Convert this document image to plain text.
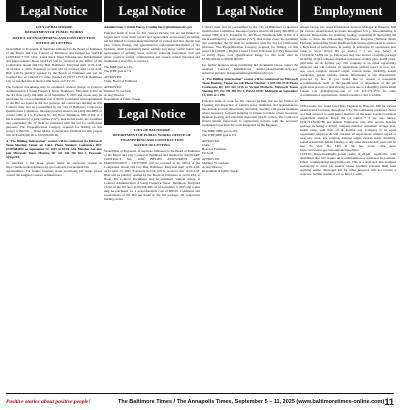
Legal Notice
CITY OF BALTIMORE
DEPARTMENT OF PUBLIC WORKS
OFFICE OF ENGINEERING AND CONSTRUCTION
NOTICE OF LETTING

Sealed Bids or Proposals, in duplicate addressed to the Board of Estimates of the Mayor and City Council of Baltimore and marked for WATER CONTRACT NO. 1452 -Canal Neck Water Infrastructure Rehabilitation and Improvements Phase III-FY25 will be received at the Office of the Comptroller, Room 204 City Hall, Baltimore, Maryland until 11:00 A.M. on October 1, 2025. Positively no bids will be received after 11:00 A.M. Bids will be publicly opened by the Board of Estimates and can be watched live on CharmTV's cable channel 25 (SITT LIVE) in Baltimore City or watched live at the live link below on ETV 25.

The Contract Documents may be examined, without charge, at Contract Administration 4 South Frederick Street, Baltimore, Maryland 21202 on the 3rd floor (410) 396-4001 as of September 5, 2025 and copies may be purchased for a non-refundable cost of $0.00. Conditions and requirements of the Bid are found in the bid package. All contractors bidding on this Contract must first be prequalified by the City of Baltimore Contractors Qualification Committee. Interested parties should call (410) 396-6883 or contact OBC at 4 S. Frederick St., 4th Floor, Baltimore, MD 21202. If a bid is submitted by a joint venture ("JV"), then in that event, the document that established the JV shall be submitted with the bid for verification purposes. The Prequalification Category required for bidding on this project is B02551 – Water Mains, Construction Estimate for this project will be $5,600,000.00 to $10,000,000.00.

A "Pre-Bidding Information" session will be conducted via Microsoft Team Meeting; Venue: on CALL Phone Number: Conference ID#: 27299884099 on September 12, 2025 at 10:00 AM. Member can also join Microsoft Team. Meeting ID: 211 346 396 964 1, Passcode: ng4qc29Z.

To purchase a bid book, please make an electronic request at https://publicworks.baltimorecity.gov/contracts-procurement/bid-opportunities/. For further inquiries about purchasing bid books please contact the assigned Contract Administrator.

Legal Notice

Administrator Cynthia Harry, Cynthia.harry@baltimorecity.gov

Principal items of work for this contract include, but are not limited to: Urgent need water main repairs and replacement as necessary including, but not limited to replacement/installation of various size new ductile iron pipe, valves, fittings, and appurtenances replacement/installation of fire hydrants, small (residential) meter settings and meter vaults; renew and replacement of existing water services; sidewalk restoration, curb and gutter, roadway paving, sedimentation and erosion control measures and maintenance of traffic, as required.

The MBE goal is 13%

The WBE goal is 7%

APPROVED:

Clerk, Board of Estimates

APPROVED:

Matthew W. Garbark

Acting Director

Department of Public Works

Legal Notice
CITY OF BALTIMORE
DEPARTMENT OF PUBLIC WORKS OFFICE OF ENGINEERING AND CONSTRUCTION
NOTICE OF LETTING

Sealed Bids or Proposals, in duplicate addressed to the Board of Estimates of the Mayor and City Council of Baltimore and marked for SANITARY CONTRACT NO. 1069 INFLOW ASSESSMENT AND MAINTENANCE - CITYWIDE will be received at the Office of the Comptroller, Room 204 City Hall, Baltimore, Maryland until 11:00 A.M. on October 15, 2025. Positively no bids will be received after 11:00 A.M. Bids will be publicly opened by the Board of Estimates at 12:00 P.M. at Noon. The Contract Documents may be examined, without charge, at Contract Administration 4 South Frederick Street, Baltimore, Maryland 21202 on the 3rd floor (410) 396-4001 as of September 5, 2025 and copies may be purchased for a non-refundable cost of $00.00. Conditions and requirements of the Bid are found in the bid package. All contractors bidding on this

Legal Notice

Contract must first be prequalified by the City of Baltimore Contractors Qualification Committee. Interested parties should call (410) 396-6883 or contact OBC at 4 S. Frederick St., 4th Floor, Baltimore, MD 21202. If a bid is submitted by a joint venture ("JV"), then in that event, the document that established the JV shall be submitted with the bid for verification purposes. The Prequalification Category required for bidding on this project is C09106 – Digital Closed Circuit Television (CCTV) Inspection of Utility Pipes, Cost Qualification Range for this work shall be $7,000,000.00 to $8,000,000.00.

For further inquiries about purchasing bid documents please contact the assigned Contract Administrator Amber.yates@baltimorecity.gov. Attention and Ayo: bidopportunities@baltimorecity.gov.

A "Pre-Bidding Information" session will be conducted via Microsoft Team Meeting; Venue: on call Phone Number: 1 667-228-4718 Phone Conference ID: 634 420 1218 or Virtual Platform, Microsoft Teams Meeting ID: 254 709 458 072 2, PASSCODE: 6ddt6yHs on September 11, 2025 at 1 PM.

Principal items of work for this contract include, but are not limited to: Cleaning and inspection of sanitary sewer manholes, and appurtenances, that include acoustic inspections, televising, cleaning with grease treatment where necessary, frequent pumping at various locations where necessary, manhole locating and television inspection (QASC review. The Contractor should submit inspections to engineering reviews with the necessary equipment to perform the work designated by the Engineer.

The MBE/ MBE goal is 9%

The WBE/DBE goal is 6%

APPROVED:

Clerk,

Board of Estimates

Pat Gold

APPROVED:

Matthew W. Garbark

Acting Director

Department of Public Works

Employment

Allegis Group, Inc. seeks Information Services Manager in Hanover, MD (& various unanticipated locations throughout U.S.). Telecommuting is allowed. Responsible for planning, leading, organizing & motivating the teams to drive the Onboarding Experience Programs (Sullivan Talent Platform, Onboarding Talent Dashboard) & related applications to achieve a high level of performance & quality in delivering IT operational best value to users. Req'd: BS (or equiv.) + 5 yrs. exp. Salary: $ 172,040-$174,800 per yr. Employees may also receive a benefits package including 401(k) company-matched retirement savings plan, health plans, paid time off & holiday pay. The company is an equal opportunity employer and will consider all applications without regard to race, sex, age, color, religion, national origin, veteran status, disability, sexual orientation, gender identity, genetic information or any characteristic protected by law. If you would like to request a reasonable accommodation, such as the modification or adjustment of the job application process or interviewing process due to a disability, please email Lauren Lau @allegisgroup.com or call 410-579-3570 for other accommodation requirements. Submit resume to: Ref # 1-5206.

TEKsystems, Inc. seeks Lead Data Engineer in Hanover, MD (& various unanticipated locations throughout US). Telecommuting permitted. Serve as a lead resource to assist junior members of the team. Conduct technical requirement analysis. Req'd: BS (or equiv.) + 5 yrs. exp. Salary: $159,744-$159,780 per annum. Employees may also receive benefits package including a 401(k) company-matched retirement savings plan, health plans, paid time off & holiday pay. Company is an equal opportunity employer & will consider all applications without regard to race, sex, color, age, religion, national origin, veteran status, disability, sexual orientation, gender identity, or any other characteristic protected by law. To view the EEO is the law poster click here: https://www.eeoc.gov/sites/default/files/2022-10/EEOC_KnowYourRights_screen_reader_10_20.pdf. Applicants with disabilities that will require an accommodation or assistance in positions. Email: corphelpdesk@teksystems.com. This is a dedicated line designed exclusively to assist job seekers whose disability prevents them from applying online. Messages left for other purposes will not receive a response. Submit resume or ref. to Req # 1-1205.

Positive stories about positive people!	The Baltimore Times / The Annapolis Times, September 5 – 11, 2025 (www.baltimoretimes-online.com) 11
